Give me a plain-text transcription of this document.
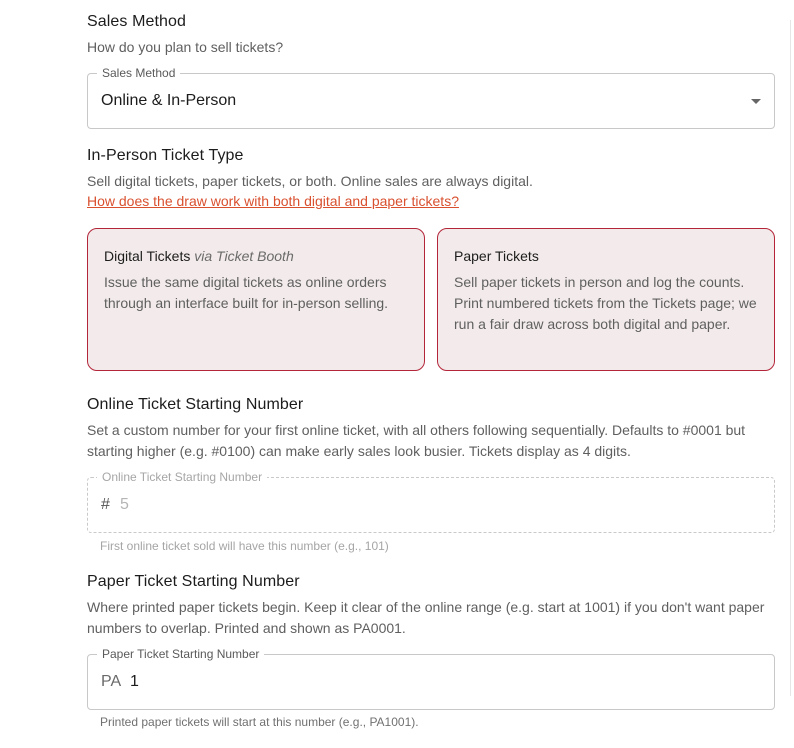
Sales Method
How do you plan to sell tickets?
Sales Method
Online & In-Person
In-Person Ticket Type
Sell digital tickets, paper tickets, or both. Online sales are always digital.
How does the draw work with both digital and paper tickets?
Digital Tickets via Ticket Booth
Issue the same digital tickets as online orders through an interface built for in-person selling.
Paper Tickets
Sell paper tickets in person and log the counts. Print numbered tickets from the Tickets page; we run a fair draw across both digital and paper.
Online Ticket Starting Number
Set a custom number for your first online ticket, with all others following sequentially. Defaults to #0001 but starting higher (e.g. #0100) can make early sales look busier. Tickets display as 4 digits.
Online Ticket Starting Number
# 5
First online ticket sold will have this number (e.g., 101)
Paper Ticket Starting Number
Where printed paper tickets begin. Keep it clear of the online range (e.g. start at 1001) if you don't want paper numbers to overlap. Printed and shown as PA0001.
Paper Ticket Starting Number
PA 1
Printed paper tickets will start at this number (e.g., PA1001).
